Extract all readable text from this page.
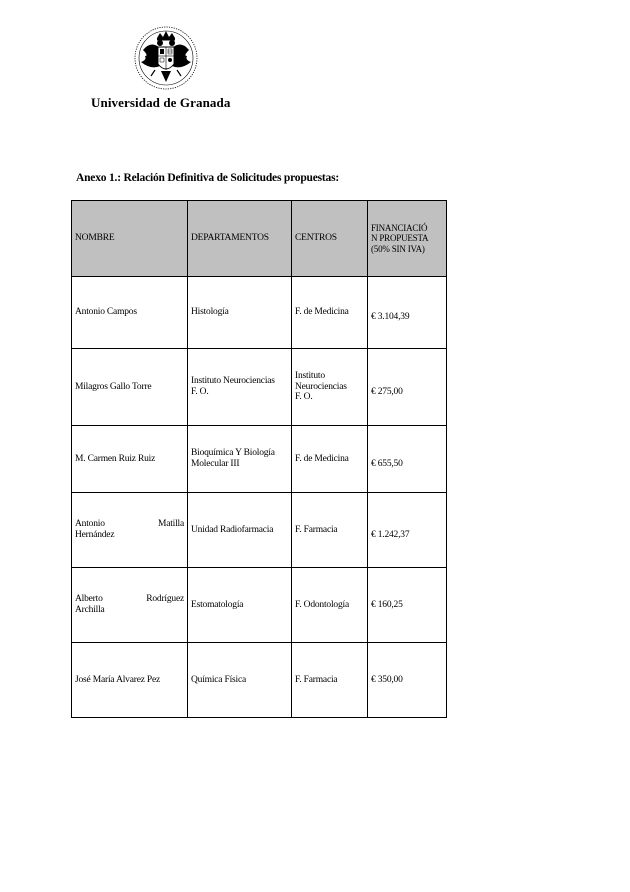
Universidad de Granada
Anexo 1.: Relación Definitiva de Solicitudes propuestas:
NOMBRE	DEPARTAMENTOS	CENTROS	FINANCIACIÓ
N PROPUESTA
(50% SIN IVA)
Antonio Campos	Histología	F. de Medicina	€ 3.104,39

Milagros Gallo Torre	Instituto Neurociencias
F. O.	Instituto
Neurociencias
F. O.	€ 275,00

M. Carmen Ruiz Ruiz	Bioquímica Y Biología
Molecular III	F. de Medicina	€ 655,50

Antonio Matilla
Hernández	Unidad Radiofarmacia	F. Farmacia	€ 1.242,37

Alberto Rodríguez
Archilla	Estomatología	F. Odontología	€ 160,25

José María Alvarez Pez	Química Física	F. Farmacia	€ 350,00
